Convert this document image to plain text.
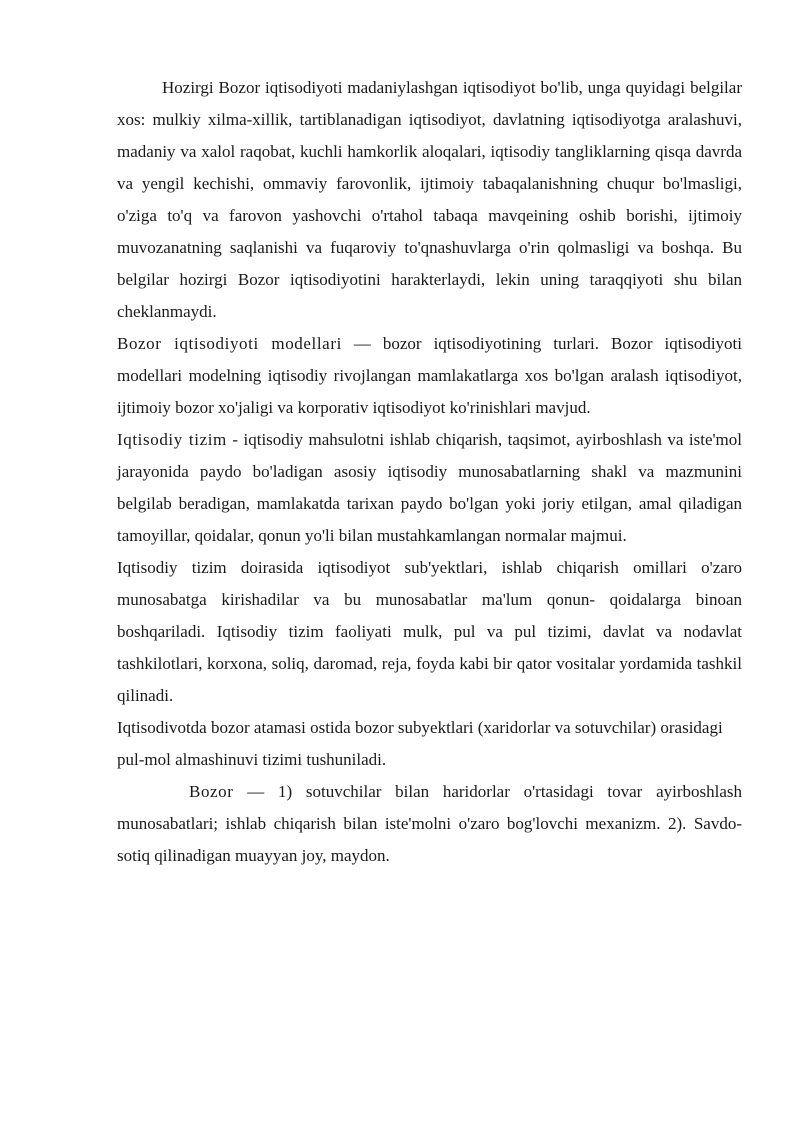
Hozirgi Bozor iqtisodiyoti madaniylashgan iqtisodiyot bo'lib, unga quyidagi belgilar xos: mulkiy xilma-xillik, tartiblanadigan iqtisodiyot, davlatning iqtisodiyotga aralashuvi, madaniy va xalol raqobat, kuchli hamkorlik aloqalari, iqtisodiy tangliklarning qisqa davrda va yengil kechishi, ommaviy farovonlik, ijtimoiy tabaqalanishning chuqur bo'lmasligi, o'ziga to'q va farovon yashovchi o'rtahol tabaqa mavqeining oshib borishi, ijtimoiy muvozanatning saqlanishi va fuqaroviy to'qnashuvlarga o'rin qolmasligi va boshqa. Bu belgilar hozirgi Bozor iqtisodiyotini harakterlaydi, lekin uning taraqqiyoti shu bilan cheklanmaydi.

Bozor iqtisodiyoti modellari — bozor iqtisodiyotining turlari. Bozor iqtisodiyoti modellari modelning iqtisodiy rivojlangan mamlakatlarga xos bo'lgan aralash iqtisodiyot, ijtimoiy bozor xo'jaligi va korporativ iqtisodiyot ko'rinishlari mavjud.

Iqtisodiy tizim - iqtisodiy mahsulotni ishlab chiqarish, taqsimot, ayirboshlash va iste'mol jarayonida paydo bo'ladigan asosiy iqtisodiy munosabatlarning shakl va mazmunini belgilab beradigan, mamlakatda tarixan paydo bo'lgan yoki joriy etilgan, amal qiladigan tamoyillar, qoidalar, qonun yo'li bilan mustahkamlangan normalar majmui.

Iqtisodiy tizim doirasida iqtisodiyot sub'yektlari, ishlab chiqarish omillari o'zaro munosabatga kirishadilar va bu munosabatlar ma'lum qonun- qoidalarga binoan boshqariladi. Iqtisodiy tizim faoliyati mulk, pul va pul tizimi, davlat va nodavlat tashkilotlari, korxona, soliq, daromad, reja, foyda kabi bir qator vositalar yordamida tashkil qilinadi.

Iqtisodivotda bozor atamasi ostida bozor subyektlari (xaridorlar va sotuvchilar) orasidagi pul-mol almashinuvi tizimi tushuniladi.

Bozor — 1) sotuvchilar bilan haridorlar o'rtasidagi tovar ayirboshlash munosabatlari; ishlab chiqarish bilan iste'molni o'zaro bog'lovchi mexanizm. 2). Savdo-sotiq qilinadigan muayyan joy, maydon.
